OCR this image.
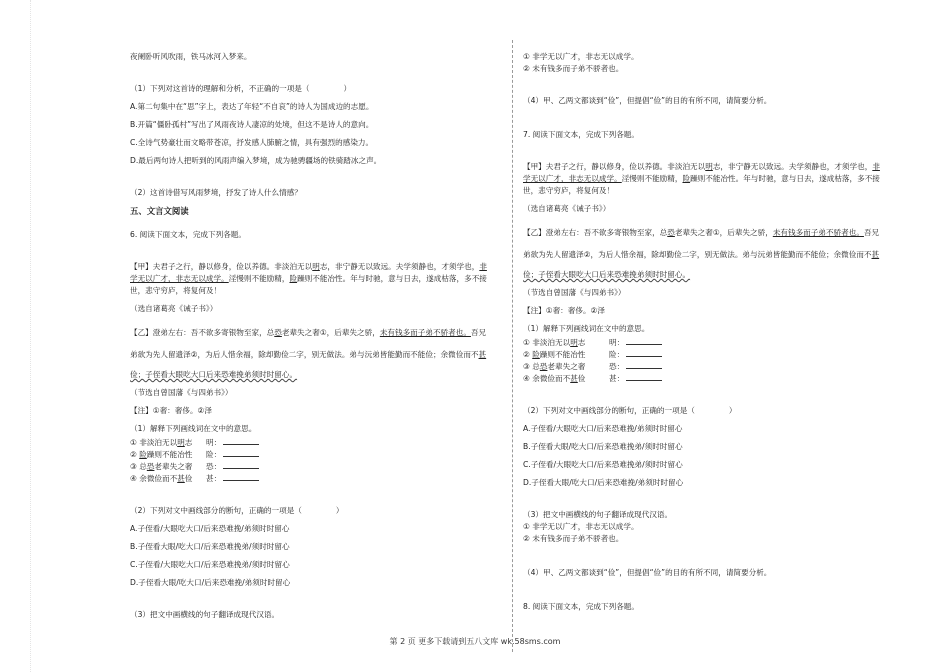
夜阑卧听风吹雨，铁马冰河入梦来。
（1）下列对这首诗的理解和分析，不正确的一项是（	）
A.第二句集中在“思”字上，表达了年轻“不自哀”的诗人为国成边的志愿。
B.开篇“僵卧孤村”写出了风雨夜诗人凄凉的处境，但这不是诗人的意向。
C.全诗气势豪壮而文略带苍凉，抒发感人肺腑之情，具有强烈的感染力。
D.最后两句诗人把听到的风雨声编入梦境，成为驰骋疆场的铁骑踏冰之声。
（2）这首诗借写风雨梦境，抒发了诗人什么情感？
五、文言文阅读
6. 阅读下面文本，完成下列各题。
【甲】夫君子之行，静以修身，俭以养德。非淡泊无以明志，非宁静无以致远。夫学须静也，才须学也，非
学无以广才，非志无以成学。淫慢则不能励精，险躁则不能冶性。年与时驰，意与日去，遂成枯落，多不接
世，悲守穷庐，将复何及！
（选自诸葛亮《诫子书》）
【乙】澄弟左右：吾不欲多寄银物至家，总恐老辈失之奢①，后辈失之骄，未有钱多而子弟不骄者也。吾兄
弟欲为先人留遗泽②，为后人惜余福，除却勤俭二字，别无做法。弟与沅弟皆能勤而不能俭；余微俭而不甚
俭；子侄看大眼吃大口后来恐难挽弟须时时留心。
（节选自曾国藩《与四弟书》）
【注】①奢：奢侈。②泽
（1）解释下列画线词在文中的意思。
① 非淡泊无以明志 明：
② 险躁则不能冶性 险：
③ 总恐老辈失之奢 恐：
④ 余微俭而不甚俭 甚：
（2）下列对文中画线部分的断句，正确的一项是（	）
A.子侄看/大眼吃大口/后来恐难挽/弟须时时留心
B.子侄看大眼/吃大口/后来恐难挽弟/须时时留心
C.子侄看/大眼吃大口/后来恐难挽弟/须时时留心
D.子侄看大眼/吃大口/后来恐难挽/弟须时时留心
（3）把文中画横线的句子翻译成现代汉语。
① 非学无以广才，非志无以成学。
② 未有钱多而子弟不骄者也。
（4）甲、乙两文都谈到“俭”，但提倡“俭”的目的有所不同，请简要分析。
7. 阅读下面文本，完成下列各题。
【甲】夫君子之行，静以修身，俭以养德。非淡泊无以明志，非宁静无以致远。夫学须静也，才须学也，非
学无以广才，非志无以成学。淫慢则不能励精，险躁则不能冶性。年与时驰，意与日去，遂成枯落，多不接
世，悲守穷庐，将复何及！
（选自诸葛亮《诫子书》）
【乙】澄弟左右：吾不欲多寄银物至家，总恐老辈失之奢①，后辈失之骄，未有钱多而子弟不骄者也。吾兄
弟欲为先人留遗泽②，为后人惜余福，除却勤俭二字，别无做法。弟与沅弟皆能勤而不能俭；余微俭而不甚
俭；子侄看大眼吃大口后来恐难挽弟须时时留心。
（节选自曾国藩《与四弟书》）
【注】①奢：奢侈。②泽
（1）解释下列画线词在文中的意思。
① 非淡泊无以明志	明：
② 险躁则不能冶性	险：
③ 总恐老辈失之奢	恐：
④ 余微俭而不甚俭	甚：
（2）下列对文中画线部分的断句，正确的一项是（	）
A.子侄看/大眼吃大口/后来恐难挽/弟须时时留心
B.子侄看大眼/吃大口/后来恐难挽弟/须时时留心
C.子侄看/大眼吃大口/后来恐难挽弟/须时时留心
D.子侄看大眼/吃大口/后来恐难挽/弟须时时留心
（3）把文中画横线的句子翻译成现代汉语。
① 非学无以广才，非志无以成学。
② 未有钱多而子弟不骄者也。
（4）甲、乙两文都谈到“俭”，但提倡“俭”的目的有所不同，请简要分析。
8. 阅读下面文本，完成下列各题。
第 2 页 更多下载请到五八文库 wk.58sms.com
